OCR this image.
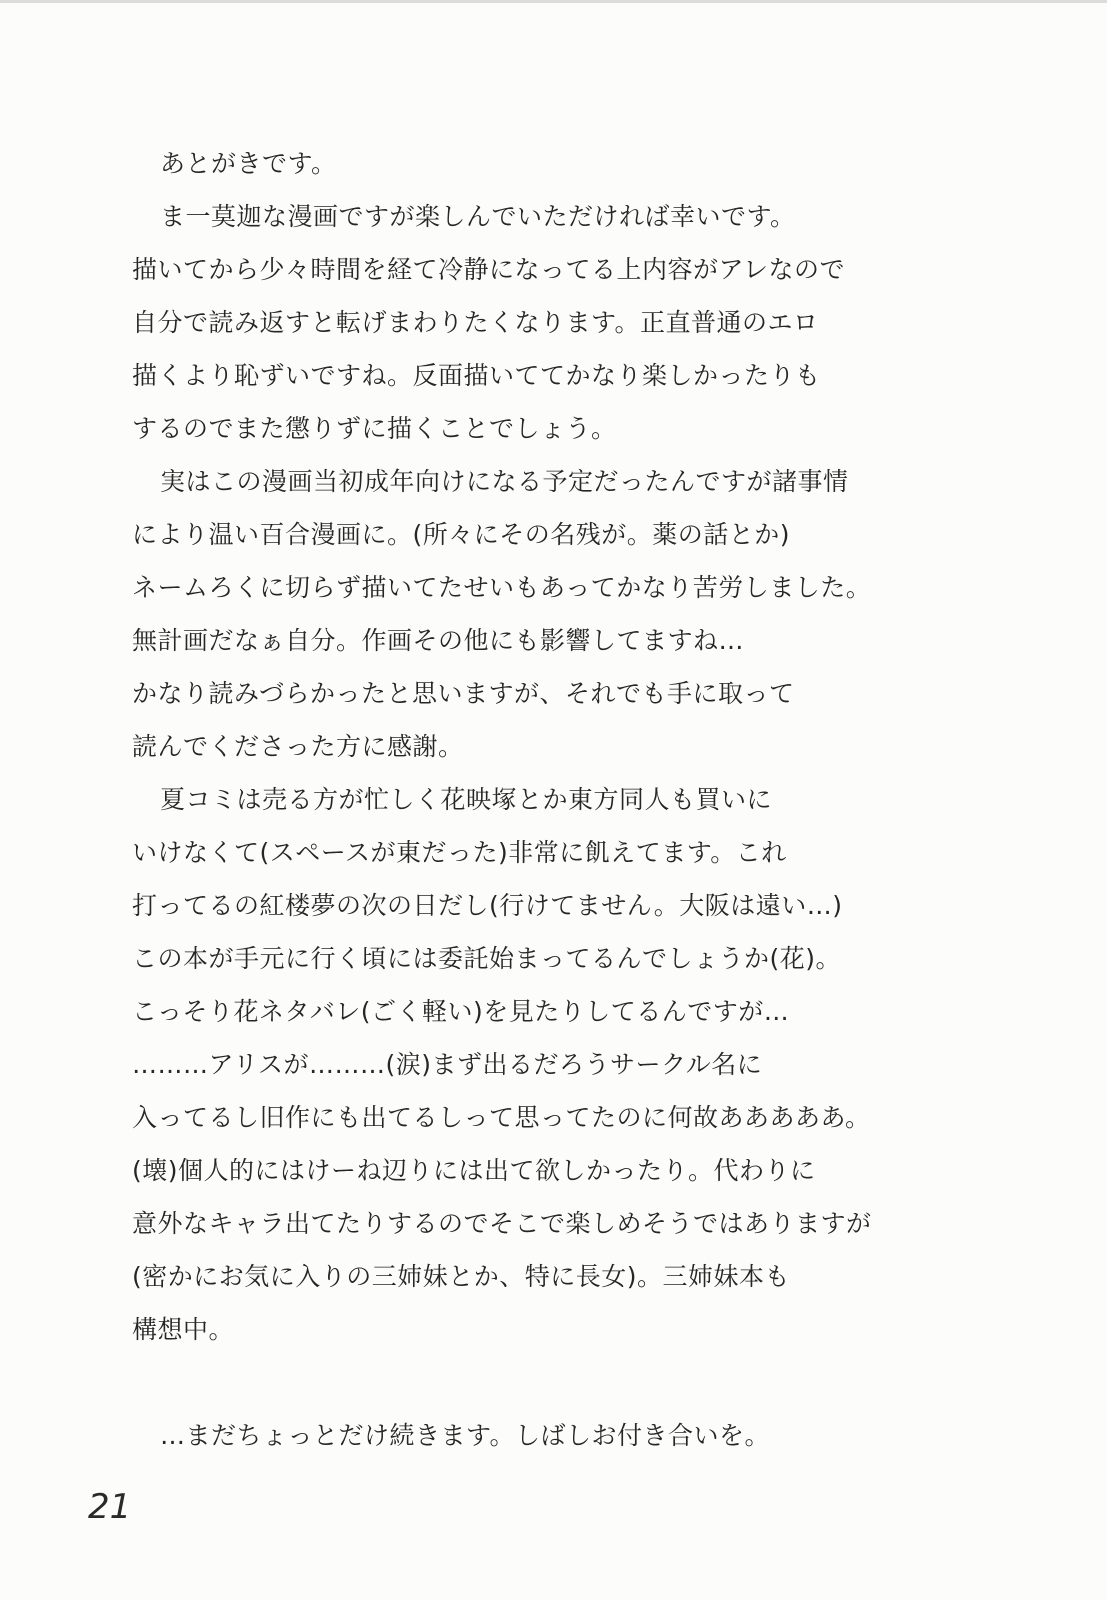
あとがきです。
ま一莫迦な漫画ですが楽しんでいただければ幸いです。
描いてから少々時間を経て冷静になってる上内容がアレなので
自分で読み返すと転げまわりたくなります。正直普通のエロ
描くより恥ずいですね。反面描いててかなり楽しかったりも
するのでまた懲りずに描くことでしょう。
実はこの漫画当初成年向けになる予定だったんですが諸事情
により温い百合漫画に。(所々にその名残が。薬の話とか)
ネームろくに切らず描いてたせいもあってかなり苦労しました。
無計画だなぁ自分。作画その他にも影響してますね…
かなり読みづらかったと思いますが、それでも手に取って
読んでくださった方に感謝。
夏コミは売る方が忙しく花映塚とか東方同人も買いに
いけなくて(スペースが東だった)非常に飢えてます。これ
打ってるの紅楼夢の次の日だし(行けてません。大阪は遠い…)
この本が手元に行く頃には委託始まってるんでしょうか(花)。
こっそり花ネタバレ(ごく軽い)を見たりしてるんですが…
………アリスが………(涙)まず出るだろうサークル名に
入ってるし旧作にも出てるしって思ってたのに何故あああああ。
(壊)個人的にはけーね辺りには出て欲しかったり。代わりに
意外なキャラ出てたりするのでそこで楽しめそうではありますが
(密かにお気に入りの三姉妹とか、特に長女)。三姉妹本も
構想中。
…まだちょっとだけ続きます。しばしお付き合いを。
21
